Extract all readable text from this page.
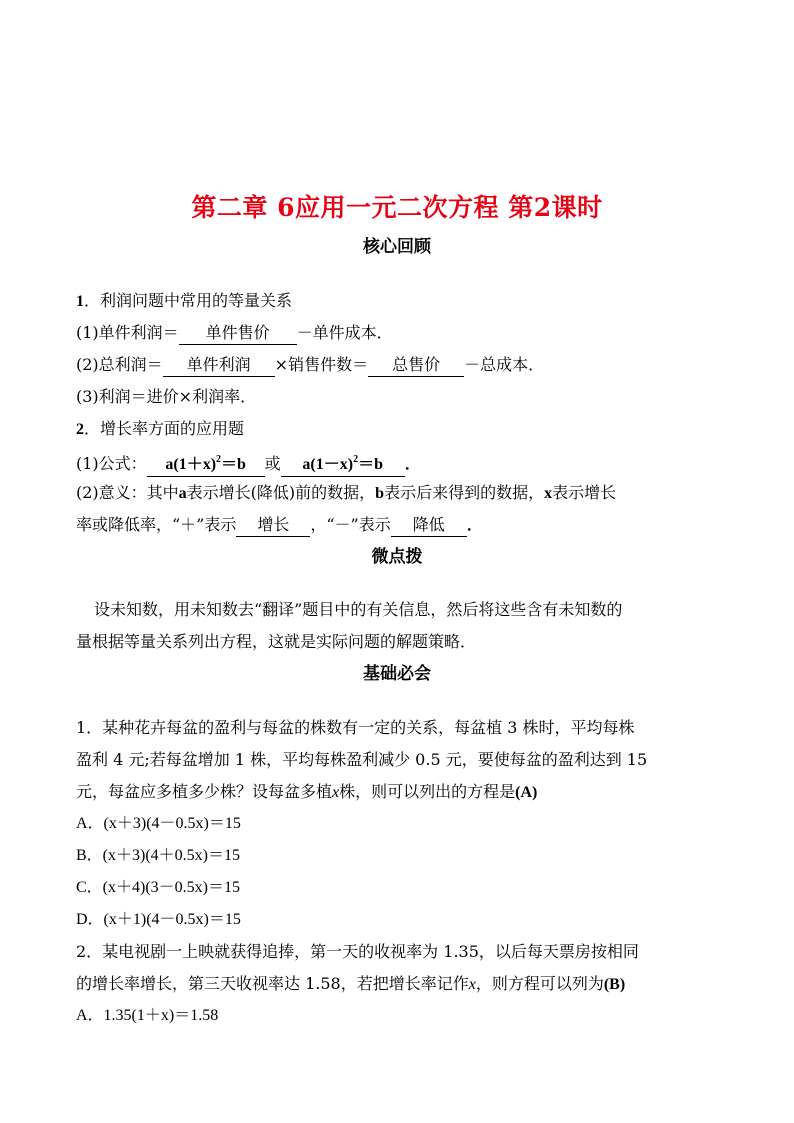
第二章 6应用一元二次方程 第2课时
核心回顾
1．利润问题中常用的等量关系
(1)单件利润＝ 单件售价 －单件成本．
(2)总利润＝ 单件利润 ×销售件数＝ 总售价 －总成本．
(3)利润＝进价×利润率．
2．增长率方面的应用题
(1)公式： $a(1+x)^2=b$ 或 $a(1-x)^2=b$ ．
(2)意义：其中a表示增长(降低)前的数据，b表示后来得到的数据，x表示增长
率或降低率，“＋”表示 增长 ，“－”表示 降低 ．
微点拨
设未知数，用未知数去“翻译”题目中的有关信息，然后将这些含有未知数的
量根据等量关系列出方程，这就是实际问题的解题策略．
基础必会
1．某种花卉每盆的盈利与每盆的株数有一定的关系，每盆植 3 株时，平均每株
盈利 4 元;若每盆增加 1 株，平均每株盈利减少 0.5 元，要使每盆的盈利达到 15
元，每盆应多植多少株？设每盆多植x株，则可以列出的方程是(A)
A．(x＋3)(4－0.5x)＝15
B．(x＋3)(4＋0.5x)＝15
C．(x＋4)(3－0.5x)＝15
D．(x＋1)(4－0.5x)＝15
2．某电视剧一上映就获得追捧，第一天的收视率为 1.35，以后每天票房按相同
的增长率增长，第三天收视率达 1.58，若把增长率记作x，则方程可以列为(B)
A．1.35(1＋x)＝1.58
